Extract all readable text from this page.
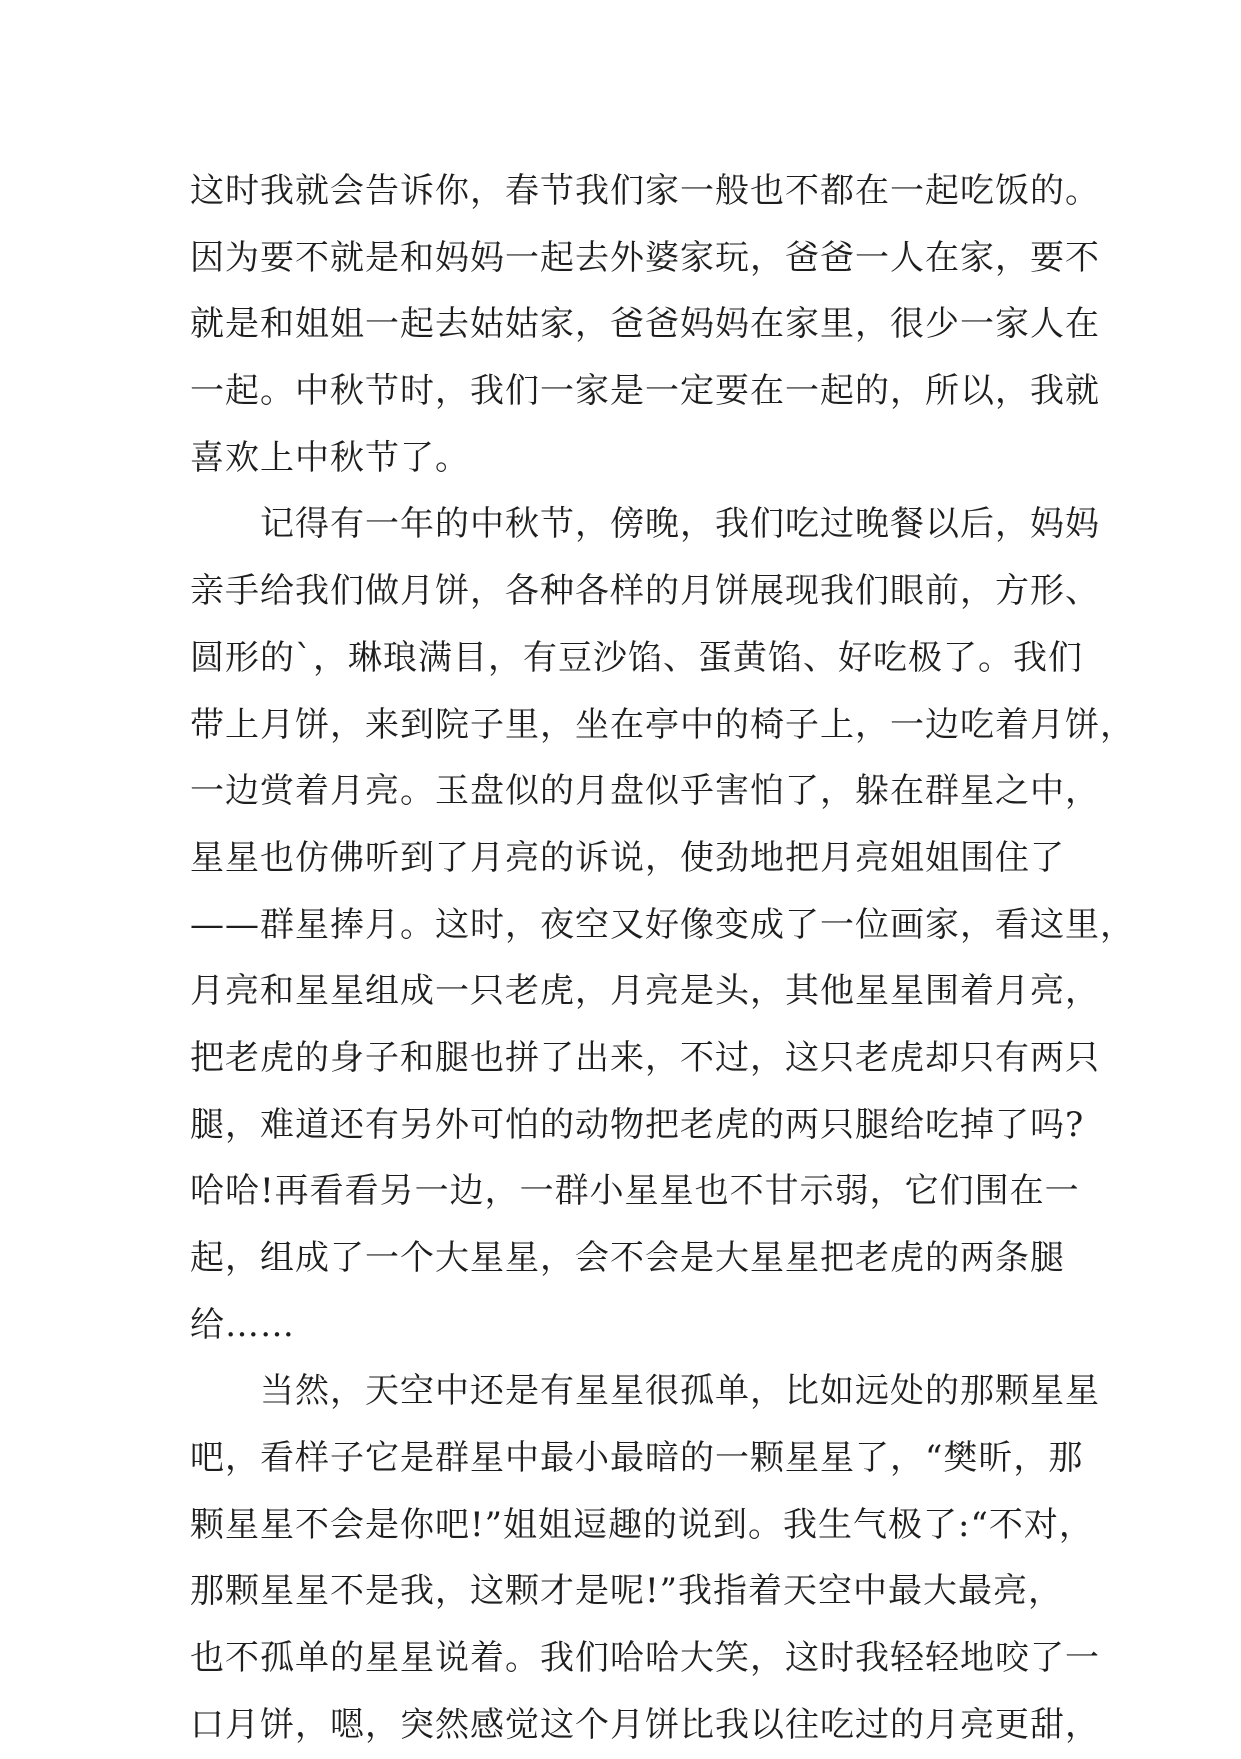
这时我就会告诉你，春节我们家一般也不都在一起吃饭的。
因为要不就是和妈妈一起去外婆家玩，爸爸一人在家，要不
就是和姐姐一起去姑姑家，爸爸妈妈在家里，很少一家人在
一起。中秋节时，我们一家是一定要在一起的，所以，我就
喜欢上中秋节了。
记得有一年的中秋节，傍晚，我们吃过晚餐以后，妈妈
亲手给我们做月饼，各种各样的月饼展现我们眼前，方形、
圆形的`，琳琅满目，有豆沙馅、蛋黄馅、好吃极了。我们
带上月饼，来到院子里，坐在亭中的椅子上，一边吃着月饼，
一边赏着月亮。玉盘似的月盘似乎害怕了，躲在群星之中，
星星也仿佛听到了月亮的诉说，使劲地把月亮姐姐围住了
——群星捧月。这时，夜空又好像变成了一位画家，看这里，
月亮和星星组成一只老虎，月亮是头，其他星星围着月亮，
把老虎的身子和腿也拼了出来，不过，这只老虎却只有两只
腿，难道还有另外可怕的动物把老虎的两只腿给吃掉了吗?
哈哈!再看看另一边，一群小星星也不甘示弱，它们围在一
起，组成了一个大星星，会不会是大星星把老虎的两条腿
给……
当然，天空中还是有星星很孤单，比如远处的那颗星星
吧，看样子它是群星中最小最暗的一颗星星了，“樊昕，那
颗星星不会是你吧!”姐姐逗趣的说到。我生气极了:“不对，
那颗星星不是我，这颗才是呢!”我指着天空中最大最亮，
也不孤单的星星说着。我们哈哈大笑，这时我轻轻地咬了一
口月饼，嗯，突然感觉这个月饼比我以往吃过的月亮更甜，
